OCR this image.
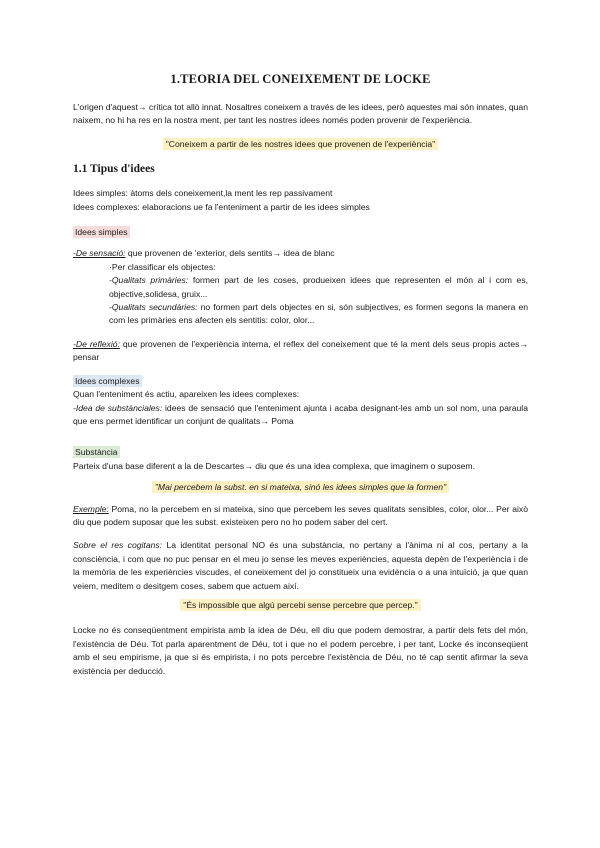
1.TEORIA DEL CONEIXEMENT DE LOCKE

L'origen d'aquest→ crítica tot allò innat. Nosaltres coneixem a través de les idees, però aquestes mai són innates, quan naixem, no hi ha res en la nostra ment, per tant les nostres idees només poden provenir de l'experiència.

"Coneixem a partir de les nostres idees que provenen de l'experiència"

1.1 Tipus d'idees

Idees simples: àtoms dels coneixement,la ment les rep passivament

Idees complexes: elaboracions ue fa l'enteniment a partir de les idees simples

Idees simples

-De sensació: que provenen de 'exterior, dels sentits→ idea de blanc

·Per classificar els objectes:

-Qualitats primàries: formen part de les coses, produeixen idees que representen el món al i com es, objective,solidesa, gruix...

-Qualitats secundàries: no formen part dels objectes en si, són subjectives, es formen segons la manera en com les primàries ens afecten els sentitis: color, olor...

-De reflexió: que provenen de l'experiència interna, el reflex del coneixement que té la ment dels seus propis actes→ pensar

Idees complexes

Quan l'enteniment és actiu, apareixen les idees complexes:

-Idea de substànciales: idees de sensació que l'enteniment ajunta i acaba designant-les amb un sol nom, una paraula que ens permet identificar un conjunt de qualitats→ Poma

Substància

Parteix d'una base diferent a la de Descartes→ diu que és una idea complexa, que imaginem o suposem.

"Mai percebem la subst. en si mateixa, sinó les idees simples que la formen"

Exemple: Poma, no la percebem en si mateixa, sino que percebem les seves qualitats sensibles, color, olor... Per això diu que podem suposar que les subst. existeixen pero no ho podem saber del cert.

Sobre el res cogitans: La identitat personal NO és una substància, no pertany a l'ànima ni al cos, pertany a la consciència, i com que no puc pensar en el meu jo sense les meves experiències, aquesta depèn de l'experiència i de la memòria de les experiències viscudes, el coneixement del jo constitueix una evidència o a una intuïció, ja que quan veiem, meditem o desitgem coses, sabem que actuem així.

"És impossible que algú percebi sense percebre que percep."

Locke no és conseqüentment empirista amb la idea de Déu, ell diu que podem demostrar, a partir dels fets del món, l'existència de Déu. Tot parla aparentment de Déu, tot i que no el podem percebre, i per tant, Locke és inconseqüent amb el seu empirisme, ja que si és empirista, i no pots percebre l'existència de Déu, no té cap sentit afirmar la seva existència per deducció.
